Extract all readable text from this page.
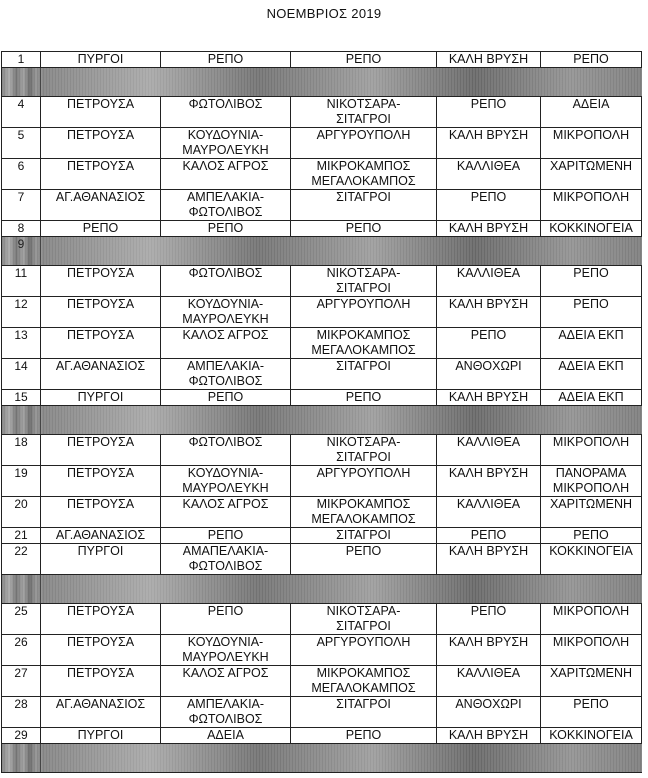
ΝΟΕΜΒΡΙΟΣ 2019
1	ΠΥΡΓΟΙ	ΡΕΠΟ	ΡΕΠΟ	ΚΑΛΗ ΒΡΥΣΗ	ΡΕΠΟ

4	ΠΕΤΡΟΥΣΑ	ΦΩΤΟΛΙΒΟΣ	ΝΙΚΟΤΣΑΡΑ-
ΣΙΤΑΓΡΟΙ	ΡΕΠΟ	ΑΔΕΙΑ
5	ΠΕΤΡΟΥΣΑ	ΚΟΥΔΟΥΝΙΑ-
ΜΑΥΡΟΛΕΥΚΗ	ΑΡΓΥΡΟΥΠΟΛΗ	ΚΑΛΗ ΒΡΥΣΗ	ΜΙΚΡΟΠΟΛΗ
6	ΠΕΤΡΟΥΣΑ	ΚΑΛΟΣ ΑΓΡΟΣ	ΜΙΚΡΟΚΑΜΠΟΣ
ΜΕΓΑΛΟΚΑΜΠΟΣ	ΚΑΛΛΙΘΕΑ	ΧΑΡΙΤΩΜΕΝΗ
7	ΑΓ.ΑΘΑΝΑΣΙΟΣ	ΑΜΠΕΛΑΚΙΑ-
ΦΩΤΟΛΙΒΟΣ	ΣΙΤΑΓΡΟΙ	ΡΕΠΟ	ΜΙΚΡΟΠΟΛΗ
8	ΡΕΠΟ	ΡΕΠΟ	ΡΕΠΟ	ΚΑΛΗ ΒΡΥΣΗ	ΚΟΚΚΙΝΟΓΕΙΑ
9					
11	ΠΕΤΡΟΥΣΑ	ΦΩΤΟΛΙΒΟΣ	ΝΙΚΟΤΣΑΡΑ-
ΣΙΤΑΓΡΟΙ	ΚΑΛΛΙΘΕΑ	ΡΕΠΟ
12	ΠΕΤΡΟΥΣΑ	ΚΟΥΔΟΥΝΙΑ-
ΜΑΥΡΟΛΕΥΚΗ	ΑΡΓΥΡΟΥΠΟΛΗ	ΚΑΛΗ ΒΡΥΣΗ	ΡΕΠΟ
13	ΠΕΤΡΟΥΣΑ	ΚΑΛΟΣ ΑΓΡΟΣ	ΜΙΚΡΟΚΑΜΠΟΣ
ΜΕΓΑΛΟΚΑΜΠΟΣ	ΡΕΠΟ	ΑΔΕΙΑ ΕΚΠ
14	ΑΓ.ΑΘΑΝΑΣΙΟΣ	ΑΜΠΕΛΑΚΙΑ-
ΦΩΤΟΛΙΒΟΣ	ΣΙΤΑΓΡΟΙ	ΑΝΘΟΧΩΡΙ	ΑΔΕΙΑ ΕΚΠ
15	ΠΥΡΓΟΙ	ΡΕΠΟ	ΡΕΠΟ	ΚΑΛΗ ΒΡΥΣΗ	ΑΔΕΙΑ ΕΚΠ

18	ΠΕΤΡΟΥΣΑ	ΦΩΤΟΛΙΒΟΣ	ΝΙΚΟΤΣΑΡΑ-
ΣΙΤΑΓΡΟΙ	ΚΑΛΛΙΘΕΑ	ΜΙΚΡΟΠΟΛΗ
19	ΠΕΤΡΟΥΣΑ	ΚΟΥΔΟΥΝΙΑ-
ΜΑΥΡΟΛΕΥΚΗ	ΑΡΓΥΡΟΥΠΟΛΗ	ΚΑΛΗ ΒΡΥΣΗ	ΠΑΝΟΡΑΜΑ
ΜΙΚΡΟΠΟΛΗ
20	ΠΕΤΡΟΥΣΑ	ΚΑΛΟΣ ΑΓΡΟΣ	ΜΙΚΡΟΚΑΜΠΟΣ
ΜΕΓΑΛΟΚΑΜΠΟΣ	ΚΑΛΛΙΘΕΑ	ΧΑΡΙΤΩΜΕΝΗ
21	ΑΓ.ΑΘΑΝΑΣΙΟΣ	ΡΕΠΟ	ΣΙΤΑΓΡΟΙ	ΡΕΠΟ	ΡΕΠΟ
22	ΠΥΡΓΟΙ	ΑΜΑΠΕΛΑΚΙΑ-
ΦΩΤΟΛΙΒΟΣ	ΡΕΠΟ	ΚΑΛΗ ΒΡΥΣΗ	ΚΟΚΚΙΝΟΓΕΙΑ

25	ΠΕΤΡΟΥΣΑ	ΡΕΠΟ	ΝΙΚΟΤΣΑΡΑ-
ΣΙΤΑΓΡΟΙ	ΡΕΠΟ	ΜΙΚΡΟΠΟΛΗ
26	ΠΕΤΡΟΥΣΑ	ΚΟΥΔΟΥΝΙΑ-
ΜΑΥΡΟΛΕΥΚΗ	ΑΡΓΥΡΟΥΠΟΛΗ	ΚΑΛΗ ΒΡΥΣΗ	ΜΙΚΡΟΠΟΛΗ
27	ΠΕΤΡΟΥΣΑ	ΚΑΛΟΣ ΑΓΡΟΣ	ΜΙΚΡΟΚΑΜΠΟΣ
ΜΕΓΑΛΟΚΑΜΠΟΣ	ΚΑΛΛΙΘΕΑ	ΧΑΡΙΤΩΜΕΝΗ
28	ΑΓ.ΑΘΑΝΑΣΙΟΣ	ΑΜΠΕΛΑΚΙΑ-
ΦΩΤΟΛΙΒΟΣ	ΣΙΤΑΓΡΟΙ	ΑΝΘΟΧΩΡΙ	ΡΕΠΟ
29	ΠΥΡΓΟΙ	ΑΔΕΙΑ	ΡΕΠΟ	ΚΑΛΗ ΒΡΥΣΗ	ΚΟΚΚΙΝΟΓΕΙΑ
